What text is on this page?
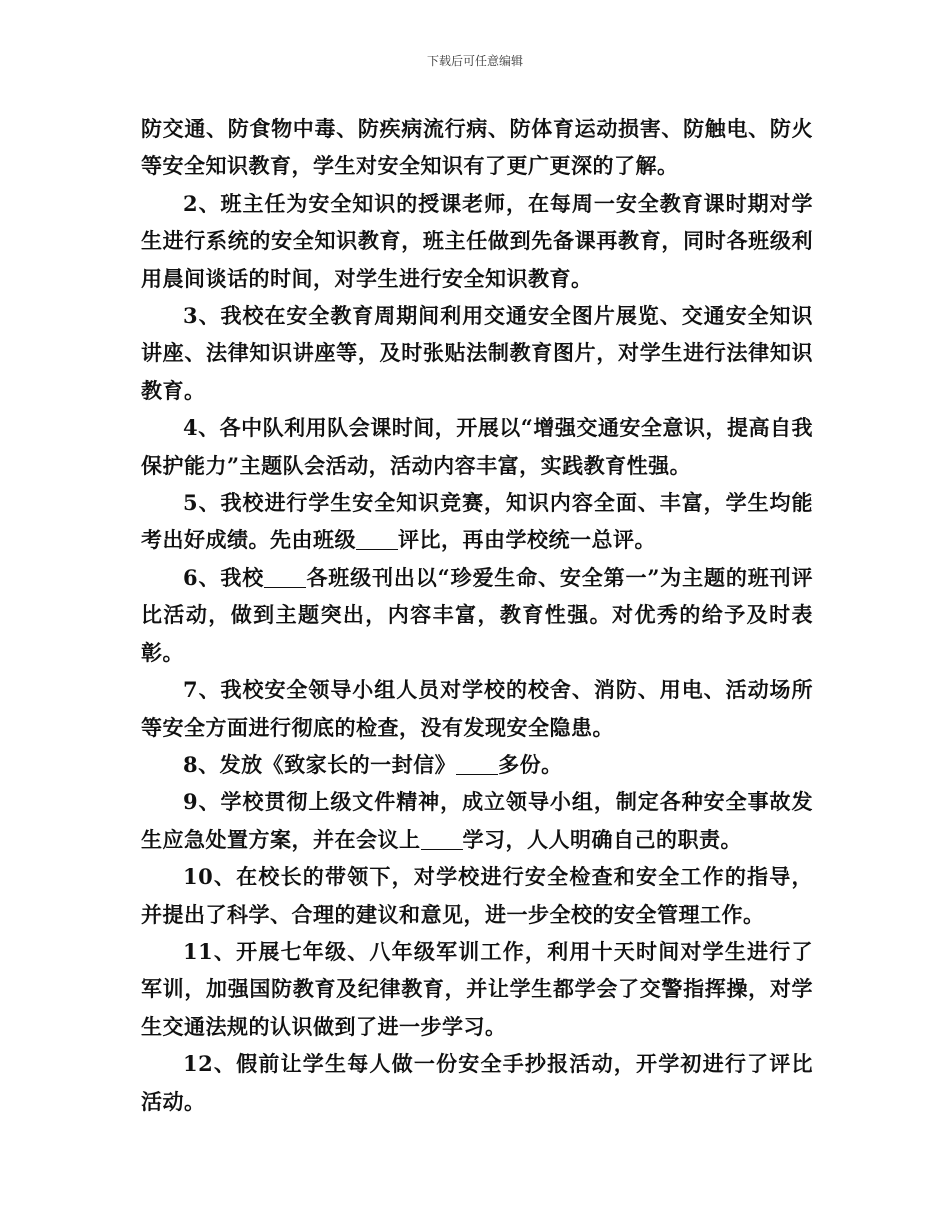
下载后可任意编辑

防交通、防食物中毒、防疾病流行病、防体育运动损害、防触电、防火等安全知识教育，学生对安全知识有了更广更深的了解。

2、班主任为安全知识的授课老师，在每周一安全教育课时期对学生进行系统的安全知识教育，班主任做到先备课再教育，同时各班级利用晨间谈话的时间，对学生进行安全知识教育。

3、我校在安全教育周期间利用交通安全图片展览、交通安全知识讲座、法律知识讲座等，及时张贴法制教育图片，对学生进行法律知识教育。

4、各中队利用队会课时间，开展以“增强交通安全意识，提高自我保护能力”主题队会活动，活动内容丰富，实践教育性强。

5、我校进行学生安全知识竞赛，知识内容全面、丰富，学生均能考出好成绩。先由班级 评比，再由学校统一总评。

6、我校 各班级刊出以“珍爱生命、安全第一”为主题的班刊评比活动，做到主题突出，内容丰富，教育性强。对优秀的给予及时表彰。

7、我校安全领导小组人员对学校的校舍、消防、用电、活动场所等安全方面进行彻底的检查，没有发现安全隐患。

8、发放《致家长的一封信》 多份。

9、学校贯彻上级文件精神，成立领导小组，制定各种安全事故发生应急处置方案，并在会议上 学习，人人明确自己的职责。

10、在校长的带领下，对学校进行安全检查和安全工作的指导，并提出了科学、合理的建议和意见，进一步全校的安全管理工作。

11、开展七年级、八年级军训工作，利用十天时间对学生进行了军训，加强国防教育及纪律教育，并让学生都学会了交警指挥操，对学生交通法规的认识做到了进一步学习。

12、假前让学生每人做一份安全手抄报活动，开学初进行了评比活动。
